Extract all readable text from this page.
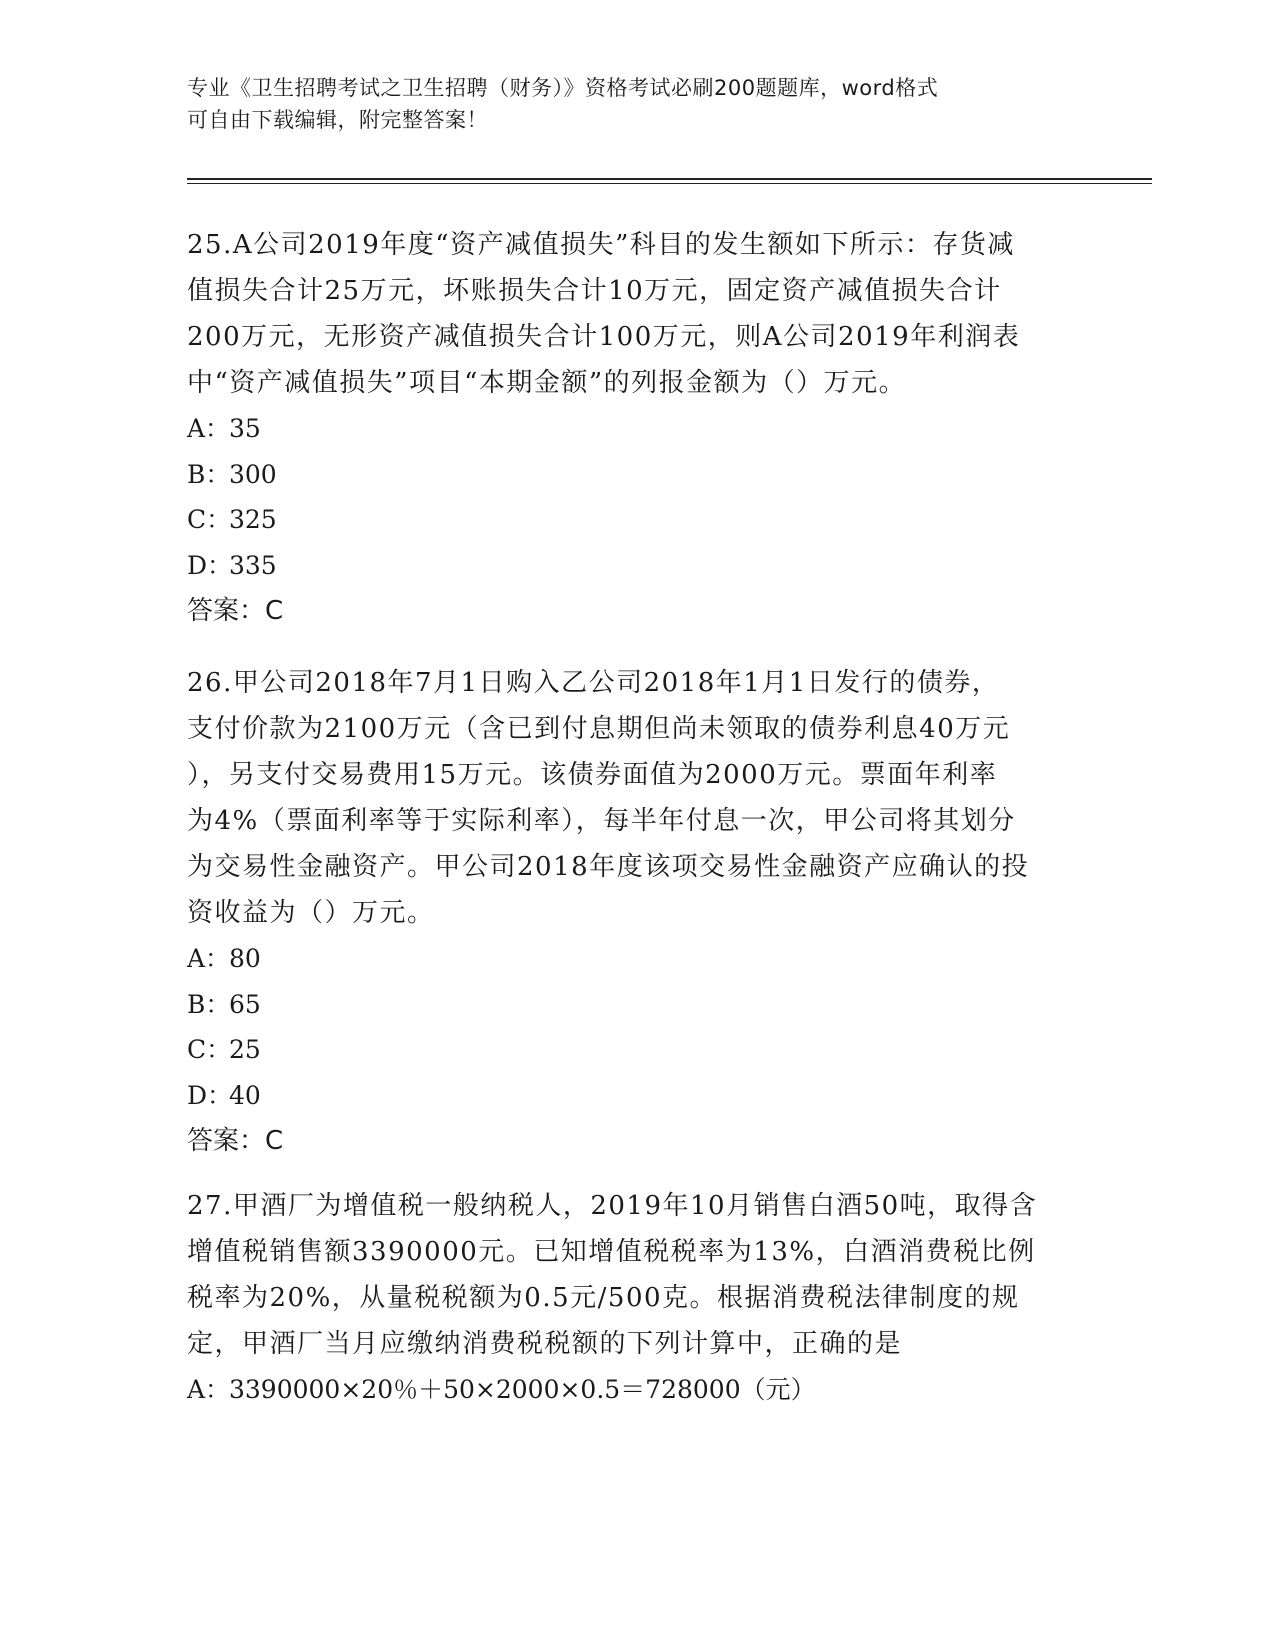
专业《卫生招聘考试之卫生招聘（财务）》资格考试必刷200题题库，word格式
可自由下载编辑，附完整答案！

25.A公司2019年度“资产减值损失”科目的发生额如下所示：存货减

值损失合计25万元，坏账损失合计10万元，固定资产减值损失合计

200万元，无形资产减值损失合计100万元，则A公司2019年利润表

中“资产减值损失”项目“本期金额”的列报金额为（）万元。

A：35

B：300

C：325

D：335

答案：C

26.甲公司2018年7月1日购入乙公司2018年1月1日发行的债券，

支付价款为2100万元（含已到付息期但尚未领取的债券利息40万元

），另支付交易费用15万元。该债券面值为2000万元。票面年利率

为4%（票面利率等于实际利率），每半年付息一次，甲公司将其划分

为交易性金融资产。甲公司2018年度该项交易性金融资产应确认的投

资收益为（）万元。

A：80

B：65

C：25

D：40

答案：C

27.甲酒厂为增值税一般纳税人，2019年10月销售白酒50吨，取得含

增值税销售额3390000元。已知增值税税率为13%，白酒消费税比例

税率为20%，从量税税额为0.5元/500克。根据消费税法律制度的规

定，甲酒厂当月应缴纳消费税税额的下列计算中，正确的是

A：3390000×20％＋50×2000×0.5＝728000（元）
